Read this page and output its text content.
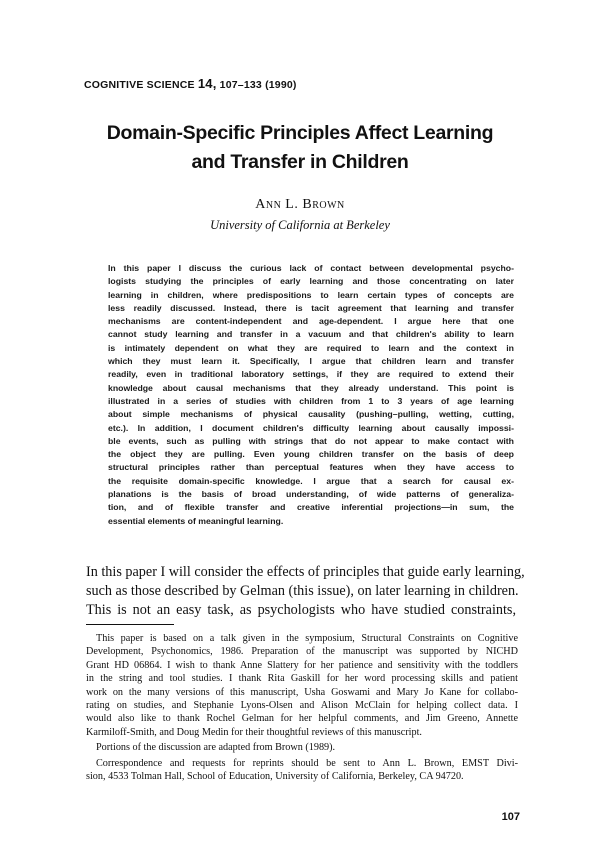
COGNITIVE SCIENCE 14, 107–133 (1990)
Domain-Specific Principles Affect Learning
and Transfer in Children
Ann L. Brown
University of California at Berkeley
In this paper I discuss the curious lack of contact between developmental psycho-
logists studying the principles of early learning and those concentrating on later
learning in children, where predispositions to learn certain types of concepts are
less readily discussed. Instead, there is tacit agreement that learning and transfer
mechanisms are content-independent and age-dependent. I argue here that one
cannot study learning and transfer in a vacuum and that children's ability to learn
is intimately dependent on what they are required to learn and the context in
which they must learn it. Specifically, I argue that children learn and transfer
readily, even in traditional laboratory settings, if they are required to extend their
knowledge about causal mechanisms that they already understand. This point is
illustrated in a series of studies with children from 1 to 3 years of age learning
about simple mechanisms of physical causality (pushing–pulling, wetting, cutting,
etc.). In addition, I document children's difficulty learning about causally impossi-
ble events, such as pulling with strings that do not appear to make contact with
the object they are pulling. Even young children transfer on the basis of deep
structural principles rather than perceptual features when they have access to
the requisite domain-specific knowledge. I argue that a search for causal ex-
planations is the basis of broad understanding, of wide patterns of generaliza-
tion, and of flexible transfer and creative inferential projections—in sum, the
essential elements of meaningful learning.
In this paper I will consider the effects of principles that guide early learning,
such as those described by Gelman (this issue), on later learning in children.
This is not an easy task, as psychologists who have studied constraints,
This paper is based on a talk given in the symposium, Structural Constraints on Cognitive
Development, Psychonomics, 1986. Preparation of the manuscript was supported by NICHD
Grant HD 06864. I wish to thank Anne Slattery for her patience and sensitivity with the toddlers
in the string and tool studies. I thank Rita Gaskill for her word processing skills and patient
work on the many versions of this manuscript, Usha Goswami and Mary Jo Kane for collabo-
rating on studies, and Stephanie Lyons-Olsen and Alison McClain for helping collect data. I
would also like to thank Rochel Gelman for her helpful comments, and Jim Greeno, Annette
Karmiloff-Smith, and Doug Medin for their thoughtful reviews of this manuscript.
Portions of the discussion are adapted from Brown (1989).
Correspondence and requests for reprints should be sent to Ann L. Brown, EMST Divi-
sion, 4533 Tolman Hall, School of Education, University of California, Berkeley, CA 94720.
107
